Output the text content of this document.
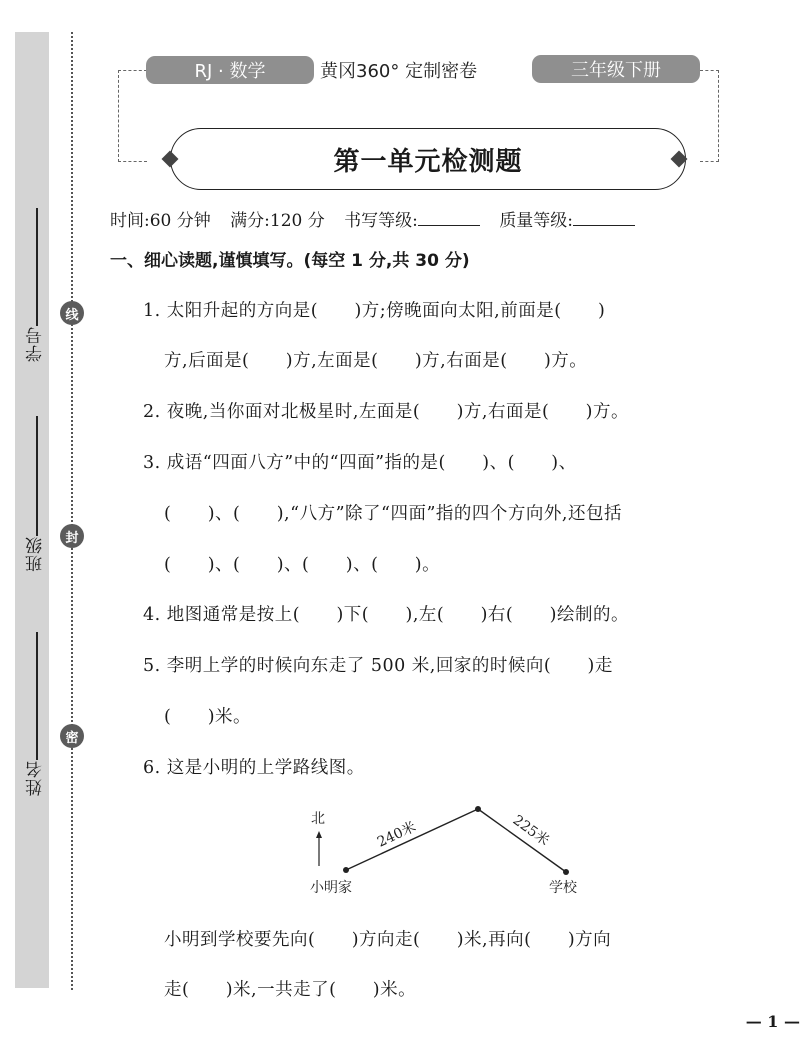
学号
班级
姓名
线
封
密
RJ · 数学	黄冈360° 定制密卷	三年级下册
第一单元检测题
时间:60 分钟 满分:120 分 书写等级:	质量等级:
一、细心读题,谨慎填写。(每空 1 分,共 30 分)
1. 太阳升起的方向是(      )方;傍晚面向太阳,前面是(      )
方,后面是(      )方,左面是(      )方,右面是(      )方。
2. 夜晚,当你面对北极星时,左面是(      )方,右面是(      )方。
3. 成语“四面八方”中的“四面”指的是(      )、(      )、
(      )、(      ),“八方”除了“四面”指的四个方向外,还包括
(      )、(      )、(      )、(      )。
4. 地图通常是按上(      )下(      ),左(      )右(      )绘制的。
5. 李明上学的时候向东走了 500 米,回家的时候向(      )走
(      )米。
6. 这是小明的上学路线图。
北	240米	225米
小明家	学校
小明到学校要先向(      )方向走(      )米,再向(      )方向
走(      )米,一共走了(      )米。
— 1 —
